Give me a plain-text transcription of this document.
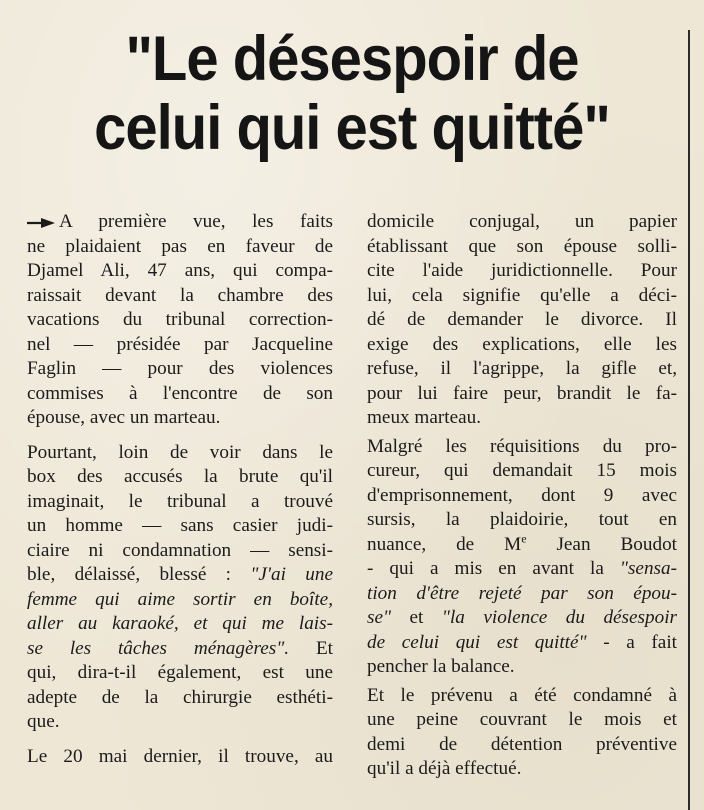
"Le désespoir de
celui qui est quitté"
A première vue, les faits
ne plaidaient pas en faveur de
Djamel Ali, 47 ans, qui compa-
raissait devant la chambre des
vacations du tribunal correction-
nel — présidée par Jacqueline
Faglin — pour des violences
commises à l'encontre de son
épouse, avec un marteau.
Pourtant, loin de voir dans le
box des accusés la brute qu'il
imaginait, le tribunal a trouvé
un homme — sans casier judi-
ciaire ni condamnation — sensi-
ble, délaissé, blessé : "J'ai une
femme qui aime sortir en boîte,
aller au karaoké, et qui me lais-
se les tâches ménagères". Et
qui, dira-t-il également, est une
adepte de la chirurgie esthéti-
que.
Le 20 mai dernier, il trouve, au
domicile conjugal, un papier
établissant que son épouse solli-
cite l'aide juridictionnelle. Pour
lui, cela signifie qu'elle a déci-
dé de demander le divorce. Il
exige des explications, elle les
refuse, il l'agrippe, la gifle et,
pour lui faire peur, brandit le fa-
meux marteau.
Malgré les réquisitions du pro-
cureur, qui demandait 15 mois
d'emprisonnement, dont 9 avec
sursis, la plaidoirie, tout en
nuance, de Me Jean Boudot
- qui a mis en avant la "sensa-
tion d'être rejeté par son épou-
se" et "la violence du désespoir
de celui qui est quitté" - a fait
pencher la balance.
Et le prévenu a été condamné à
une peine couvrant le mois et
demi de détention préventive
qu'il a déjà effectué.
